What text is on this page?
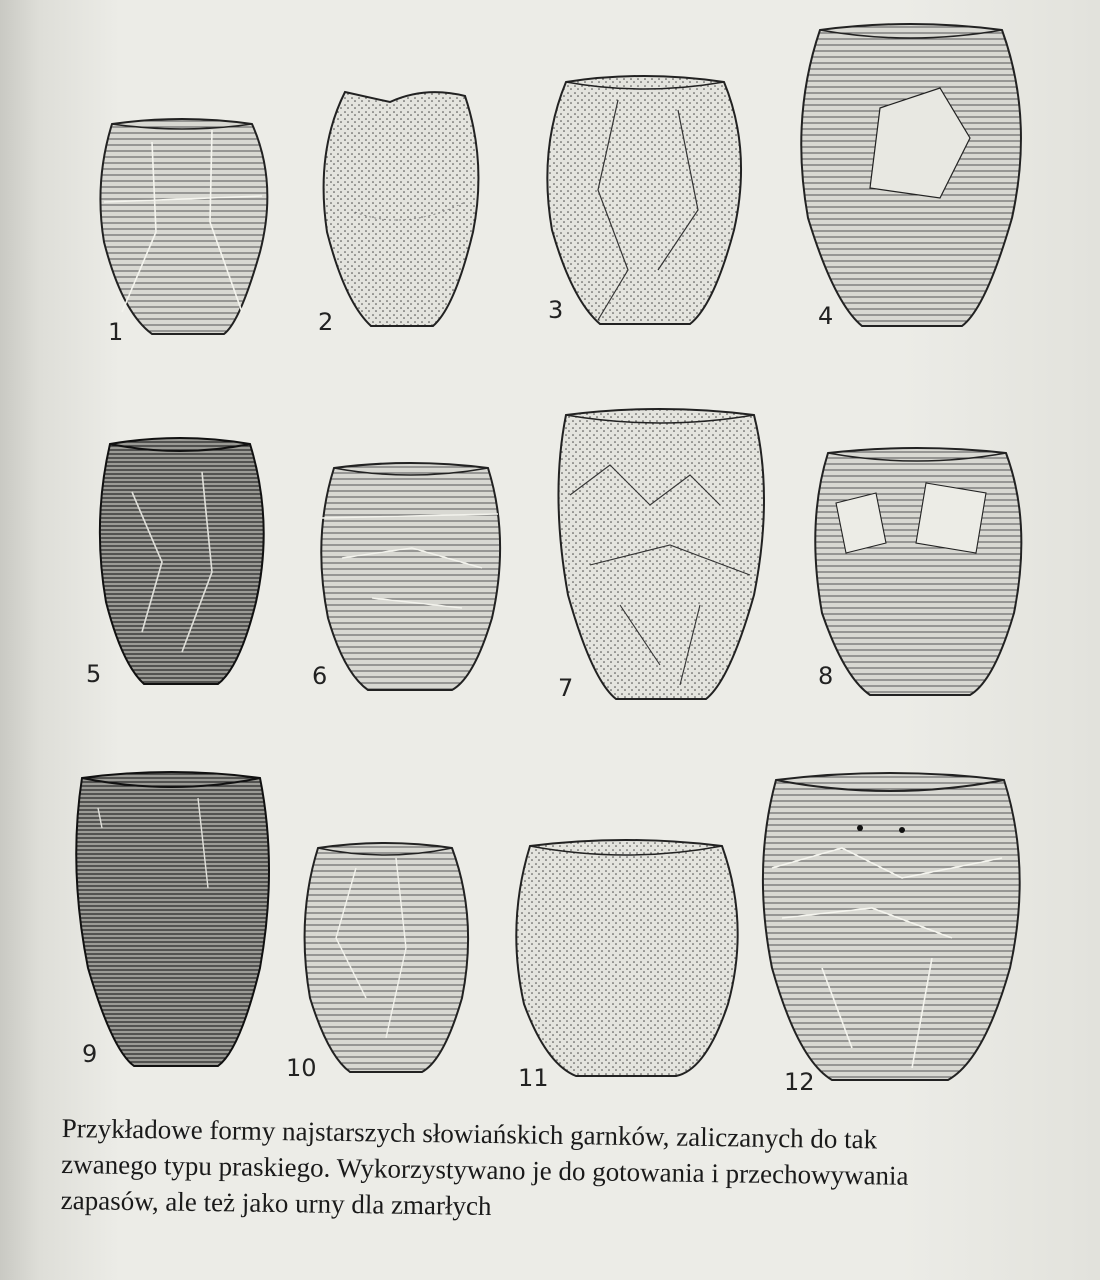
1	2	3	4
5	6	7	8
9	10	11	12
Przykładowe formy najstarszych słowiańskich garnków, zaliczanych do tak
zwanego typu praskiego. Wykorzystywano je do gotowania i przechowywania
zapasów, ale też jako urny dla zmarłych
